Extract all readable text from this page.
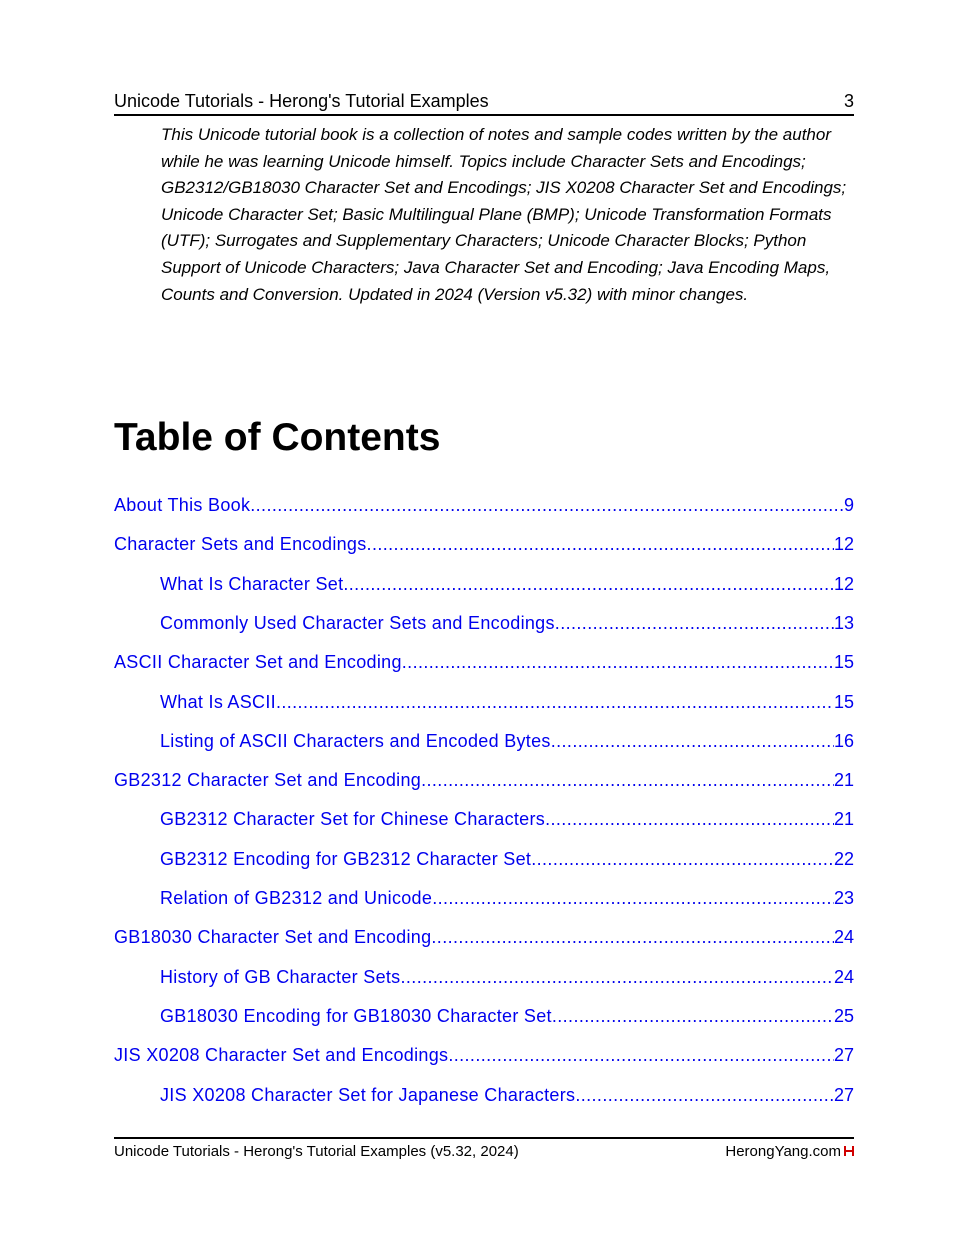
Unicode Tutorials - Herong's Tutorial Examples	3
This Unicode tutorial book is a collection of notes and sample codes written by the author while he was learning Unicode himself. Topics include Character Sets and Encodings; GB2312/GB18030 Character Set and Encodings; JIS X0208 Character Set and Encodings; Unicode Character Set; Basic Multilingual Plane (BMP); Unicode Transformation Formats (UTF); Surrogates and Supplementary Characters; Unicode Character Blocks; Python Support of Unicode Characters; Java Character Set and Encoding; Java Encoding Maps, Counts and Conversion. Updated in 2024 (Version v5.32) with minor changes.
Table of Contents
About This Book . . .	9
Character Sets and Encodings . . .	12
What Is Character Set . . .	12
Commonly Used Character Sets and Encodings . . .	13
ASCII Character Set and Encoding . . .	15
What Is ASCII . . .	15
Listing of ASCII Characters and Encoded Bytes . . .	16
GB2312 Character Set and Encoding . . .	21
GB2312 Character Set for Chinese Characters . . .	21
GB2312 Encoding for GB2312 Character Set . . .	22
Relation of GB2312 and Unicode . . .	23
GB18030 Character Set and Encoding . . .	24
History of GB Character Sets . . .	24
GB18030 Encoding for GB18030 Character Set . . .	25
JIS X0208 Character Set and Encodings . . .	27
JIS X0208 Character Set for Japanese Characters . . .	27
Unicode Tutorials - Herong's Tutorial Examples (v5.32, 2024)	HerongYang.com
